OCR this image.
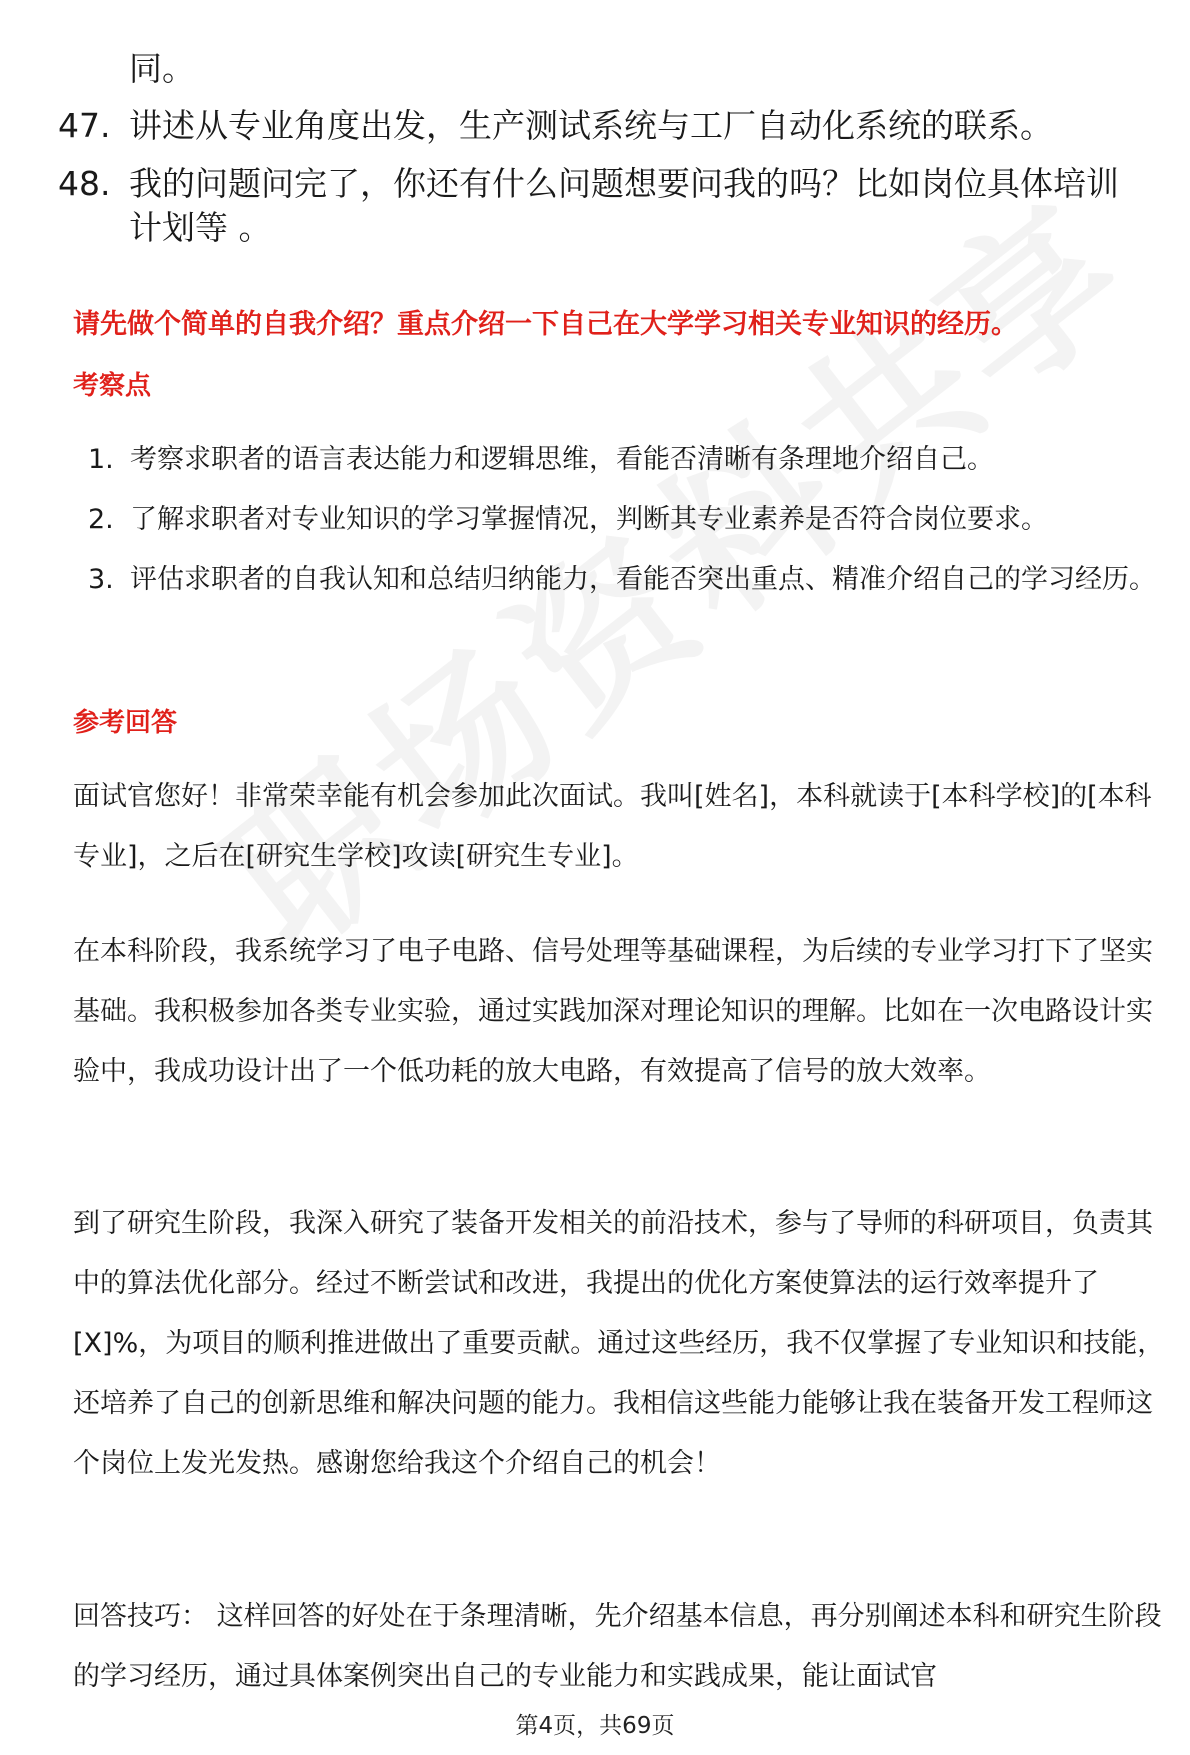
同。
47. 讲述从专业角度出发，生产测试系统与工厂自动化系统的联系。
48. 我的问题问完了，你还有什么问题想要问我的吗？比如岗位具体培训计划等 。
请先做个简单的自我介绍？重点介绍一下自己在大学学习相关专业知识的经历。
考察点
1. 考察求职者的语言表达能力和逻辑思维，看能否清晰有条理地介绍自己。
2. 了解求职者对专业知识的学习掌握情况，判断其专业素养是否符合岗位要求。
3. 评估求职者的自我认知和总结归纳能力，看能否突出重点、精准介绍自己的学习经历。
参考回答
面试官您好！非常荣幸能有机会参加此次面试。我叫[姓名]，本科就读于[本科学校]的[本科专业]，之后在[研究生学校]攻读[研究生专业]。
在本科阶段，我系统学习了电子电路、信号处理等基础课程，为后续的专业学习打下了坚实基础。我积极参加各类专业实验，通过实践加深对理论知识的理解。比如在一次电路设计实验中，我成功设计出了一个低功耗的放大电路，有效提高了信号的放大效率。
到了研究生阶段，我深入研究了装备开发相关的前沿技术，参与了导师的科研项目，负责其中的算法优化部分。经过不断尝试和改进，我提出的优化方案使算法的运行效率提升了[X]%，为项目的顺利推进做出了重要贡献。通过这些经历，我不仅掌握了专业知识和技能，还培养了自己的创新思维和解决问题的能力。我相信这些能力能够让我在装备开发工程师这个岗位上发光发热。感谢您给我这个介绍自己的机会！
回答技巧： 这样回答的好处在于条理清晰，先介绍基本信息，再分别阐述本科和研究生阶段的学习经历，通过具体案例突出自己的专业能力和实践成果，能让面试官
第4页，共69页
